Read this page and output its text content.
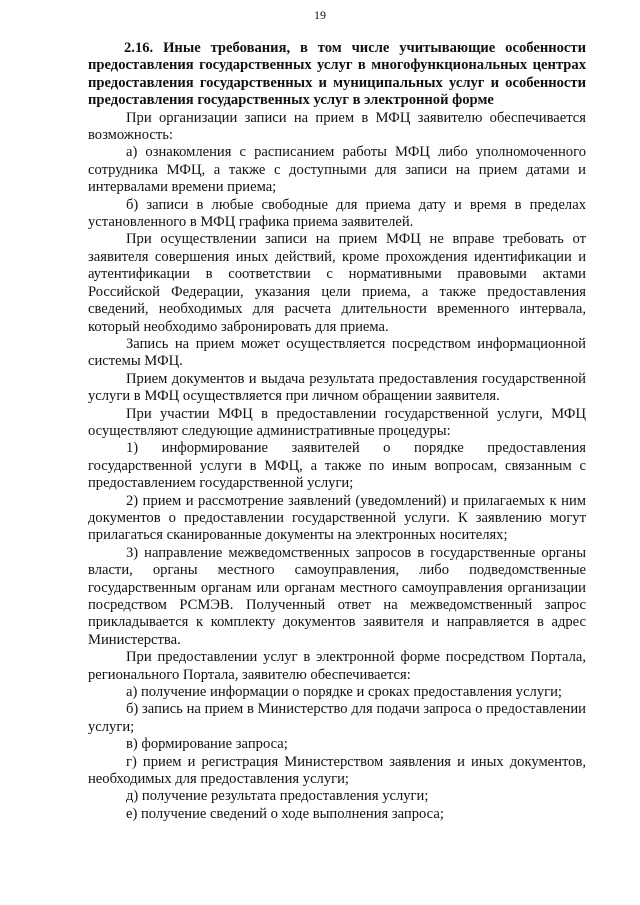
19

2.16. Иные требования, в том числе учитывающие особенности предоставления государственных услуг в многофункциональных центрах предоставления государственных и муниципальных услуг и особенности предоставления государственных услуг в электронной форме

При организации записи на прием в МФЦ заявителю обеспечивается возможность:

а) ознакомления с расписанием работы МФЦ либо уполномоченного сотрудника МФЦ, а также с доступными для записи на прием датами и интервалами времени приема;

б) записи в любые свободные для приема дату и время в пределах установленного в МФЦ графика приема заявителей.

При осуществлении записи на прием МФЦ не вправе требовать от заявителя совершения иных действий, кроме прохождения идентификации и аутентификации в соответствии с нормативными правовыми актами Российской Федерации, указания цели приема, а также предоставления сведений, необходимых для расчета длительности временного интервала, который необходимо забронировать для приема.

Запись на прием может осуществляется посредством информационной системы МФЦ.

Прием документов и выдача результата предоставления государственной услуги в МФЦ осуществляется при личном обращении заявителя.

При участии МФЦ в предоставлении государственной услуги, МФЦ осуществляют следующие административные процедуры:

1) информирование заявителей о порядке предоставления государственной услуги в МФЦ, а также по иным вопросам, связанным с предоставлением государственной услуги;

2) прием и рассмотрение заявлений (уведомлений) и прилагаемых к ним документов о предоставлении государственной услуги. К заявлению могут прилагаться сканированные документы на электронных носителях;

3) направление межведомственных запросов в государственные органы власти, органы местного самоуправления, либо подведомственные государственным органам или органам местного самоуправления организации посредством РСМЭВ. Полученный ответ на межведомственный запрос прикладывается к комплекту документов заявителя и направляется в адрес Министерства.

При предоставлении услуг в электронной форме посредством Портала, регионального Портала, заявителю обеспечивается:

а) получение информации о порядке и сроках предоставления услуги;

б) запись на прием в Министерство для подачи запроса о предоставлении услуги;

в) формирование запроса;

г) прием и регистрация Министерством заявления и иных документов, необходимых для предоставления услуги;

д) получение результата предоставления услуги;

е) получение сведений о ходе выполнения запроса;
